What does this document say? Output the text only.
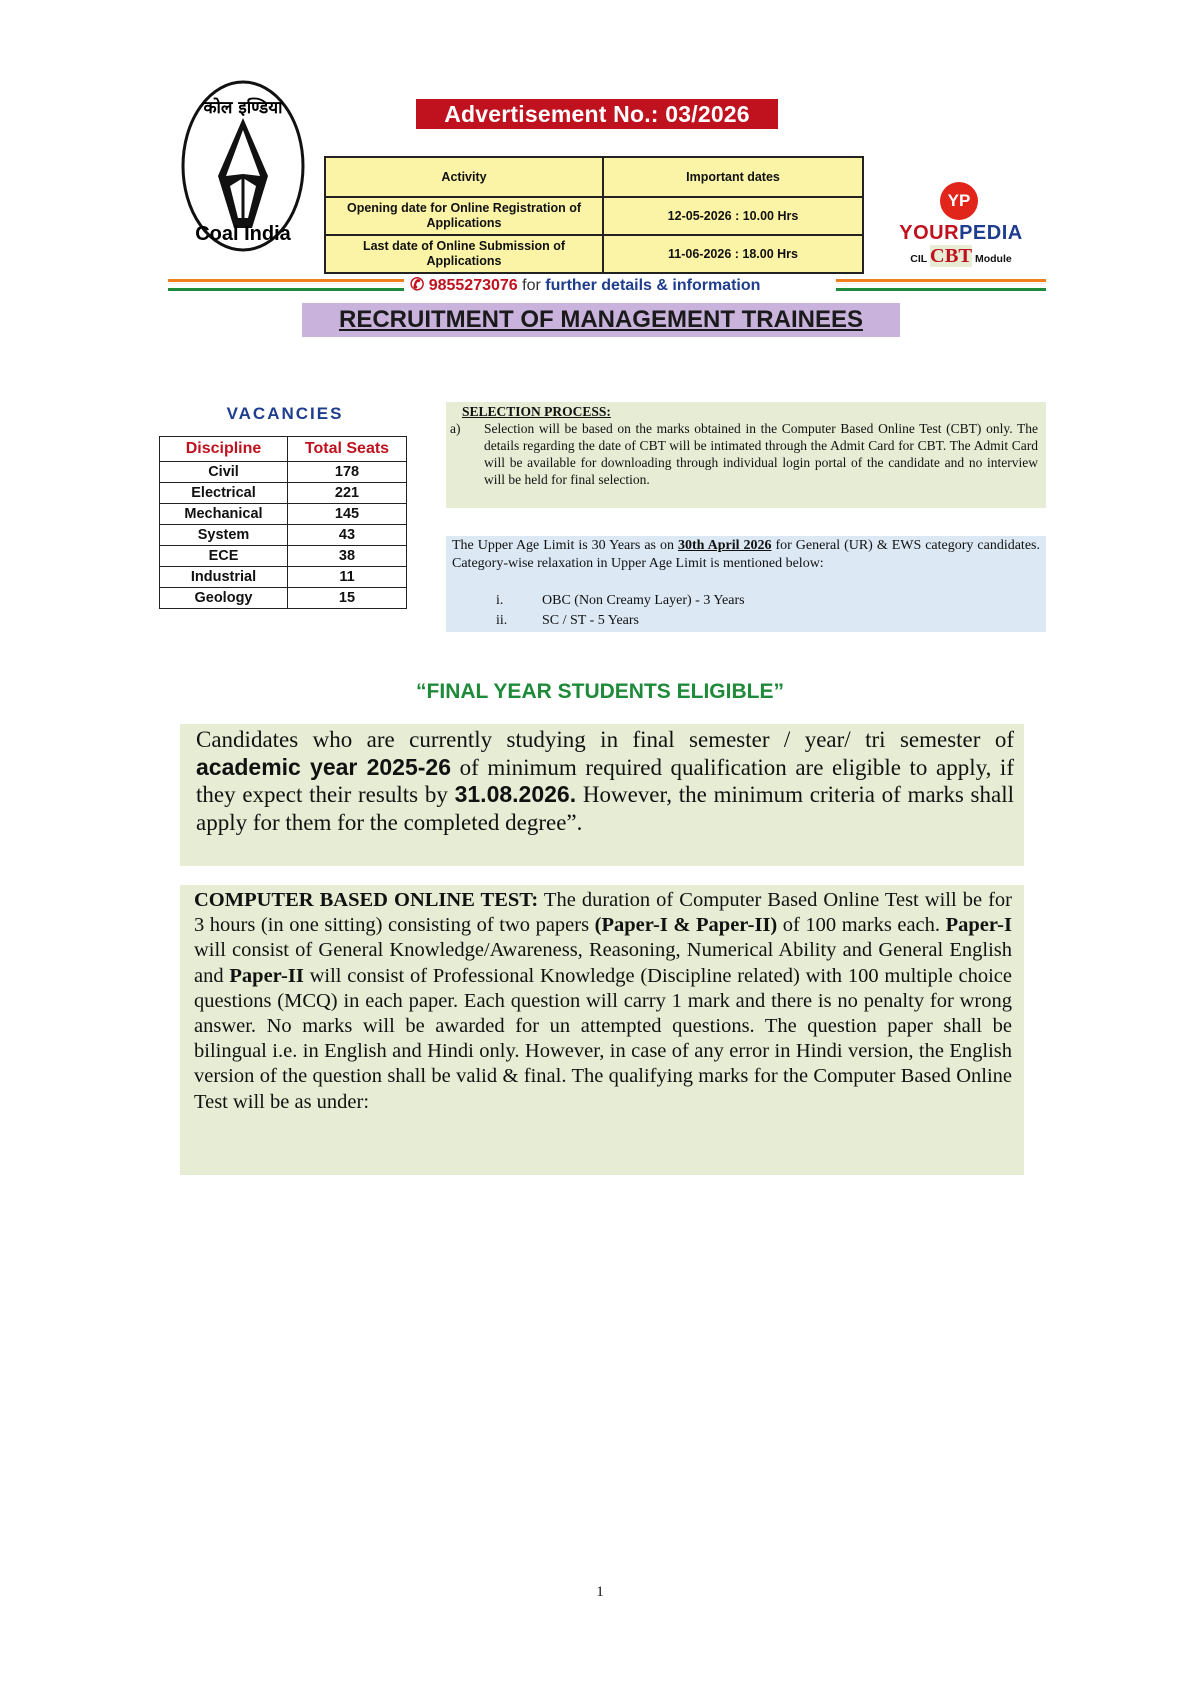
कोल इण्डिया
Coal India
Advertisement No.: 03/2026
Activity	Important dates
Opening date for Online Registration of Applications	12-05-2026 : 10.00 Hrs
Last date of Online Submission of Applications	11-06-2026 : 18.00 Hrs
YP
YOURPEDIA
CIL CBT Module
✆ 9855273076 for further details & information
RECRUITMENT OF MANAGEMENT TRAINEES
VACANCIES
Discipline	Total Seats
Civil	178
Electrical	221
Mechanical	145
System	43
ECE	38
Industrial	11
Geology	15
SELECTION PROCESS:
a) Selection will be based on the marks obtained in the Computer Based Online Test (CBT) only. The details regarding the date of CBT will be intimated through the Admit Card for CBT. The Admit Card will be available for downloading through individual login portal of the candidate and no interview will be held for final selection.
The Upper Age Limit is 30 Years as on 30th April 2026 for General (UR) & EWS category candidates. Category-wise relaxation in Upper Age Limit is mentioned below:
i.	OBC (Non Creamy Layer) - 3 Years
ii. SC / ST - 5 Years
“FINAL YEAR STUDENTS ELIGIBLE”
Candidates who are currently studying in final semester / year/ tri semester of academic year 2025-26 of minimum required qualification are eligible to apply, if they expect their results by 31.08.2026. However, the minimum criteria of marks shall apply for them for the completed degree”.
COMPUTER BASED ONLINE TEST: The duration of Computer Based Online Test will be for 3 hours (in one sitting) consisting of two papers (Paper-I & Paper-II) of 100 marks each. Paper-I will consist of General Knowledge/Awareness, Reasoning, Numerical Ability and General English and Paper-II will consist of Professional Knowledge (Discipline related) with 100 multiple choice questions (MCQ) in each paper. Each question will carry 1 mark and there is no penalty for wrong answer. No marks will be awarded for un attempted questions. The question paper shall be bilingual i.e. in English and Hindi only. However, in case of any error in Hindi version, the English version of the question shall be valid & final. The qualifying marks for the Computer Based Online Test will be as under:
1
